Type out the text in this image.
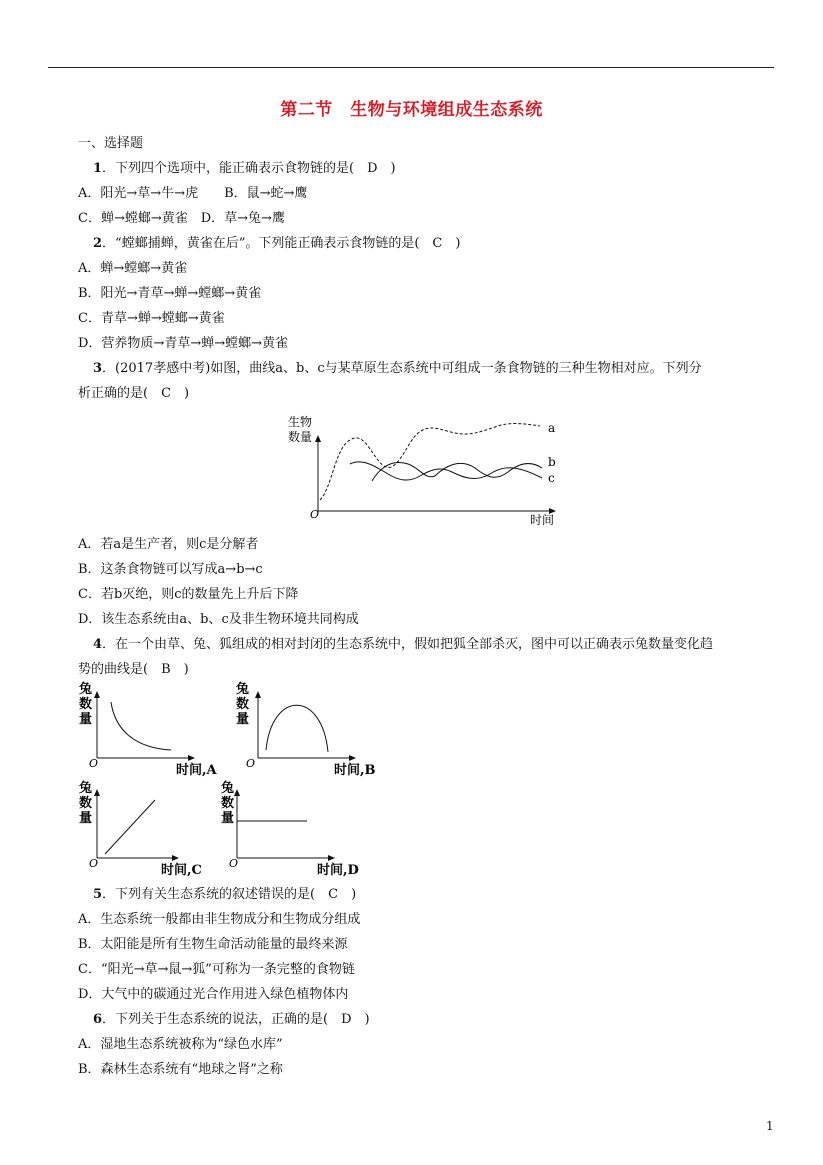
第二节　生物与环境组成生态系统
一、选择题
1．下列四个选项中，能正确表示食物链的是(　D　)
A．阳光→草→牛→虎　　B．鼠→蛇→鹰
C．蝉→螳螂→黄雀　D．草→兔→鹰
2．“螳螂捕蝉，黄雀在后”。下列能正确表示食物链的是(　C　)
A．蝉→螳螂→黄雀
B．阳光→青草→蝉→螳螂→黄雀
C．青草→蝉→螳螂→黄雀
D．营养物质→青草→蝉→螳螂→黄雀
3．(2017孝感中考)如图，曲线a、b、c与某草原生态系统中可组成一条食物链的三种生物相对应。下列分
析正确的是(　C　)
生物
数量
O	时间
a
b
c
A．若a是生产者，则c是分解者
B．这条食物链可以写成a→b→c
C．若b灭绝，则c的数量先上升后下降
D．该生态系统由a、b、c及非生物环境共同构成
4．在一个由草、兔、狐组成的相对封闭的生态系统中，假如把狐全部杀灭，图中可以正确表示兔数量变化趋
势的曲线是(　B　)
兔
数
量
O	时间,A
兔
数
量
O	时间,B
兔
数
量
O	时间,C
兔
数
量
O	时间,D
5．下列有关生态系统的叙述错误的是(　C　)
A．生态系统一般都由非生物成分和生物成分组成
B．太阳能是所有生物生命活动能量的最终来源
C．“阳光→草→鼠→狐”可称为一条完整的食物链
D．大气中的碳通过光合作用进入绿色植物体内
6．下列关于生态系统的说法，正确的是(　D　)
A．湿地生态系统被称为“绿色水库”
B．森林生态系统有“地球之肾”之称
1
